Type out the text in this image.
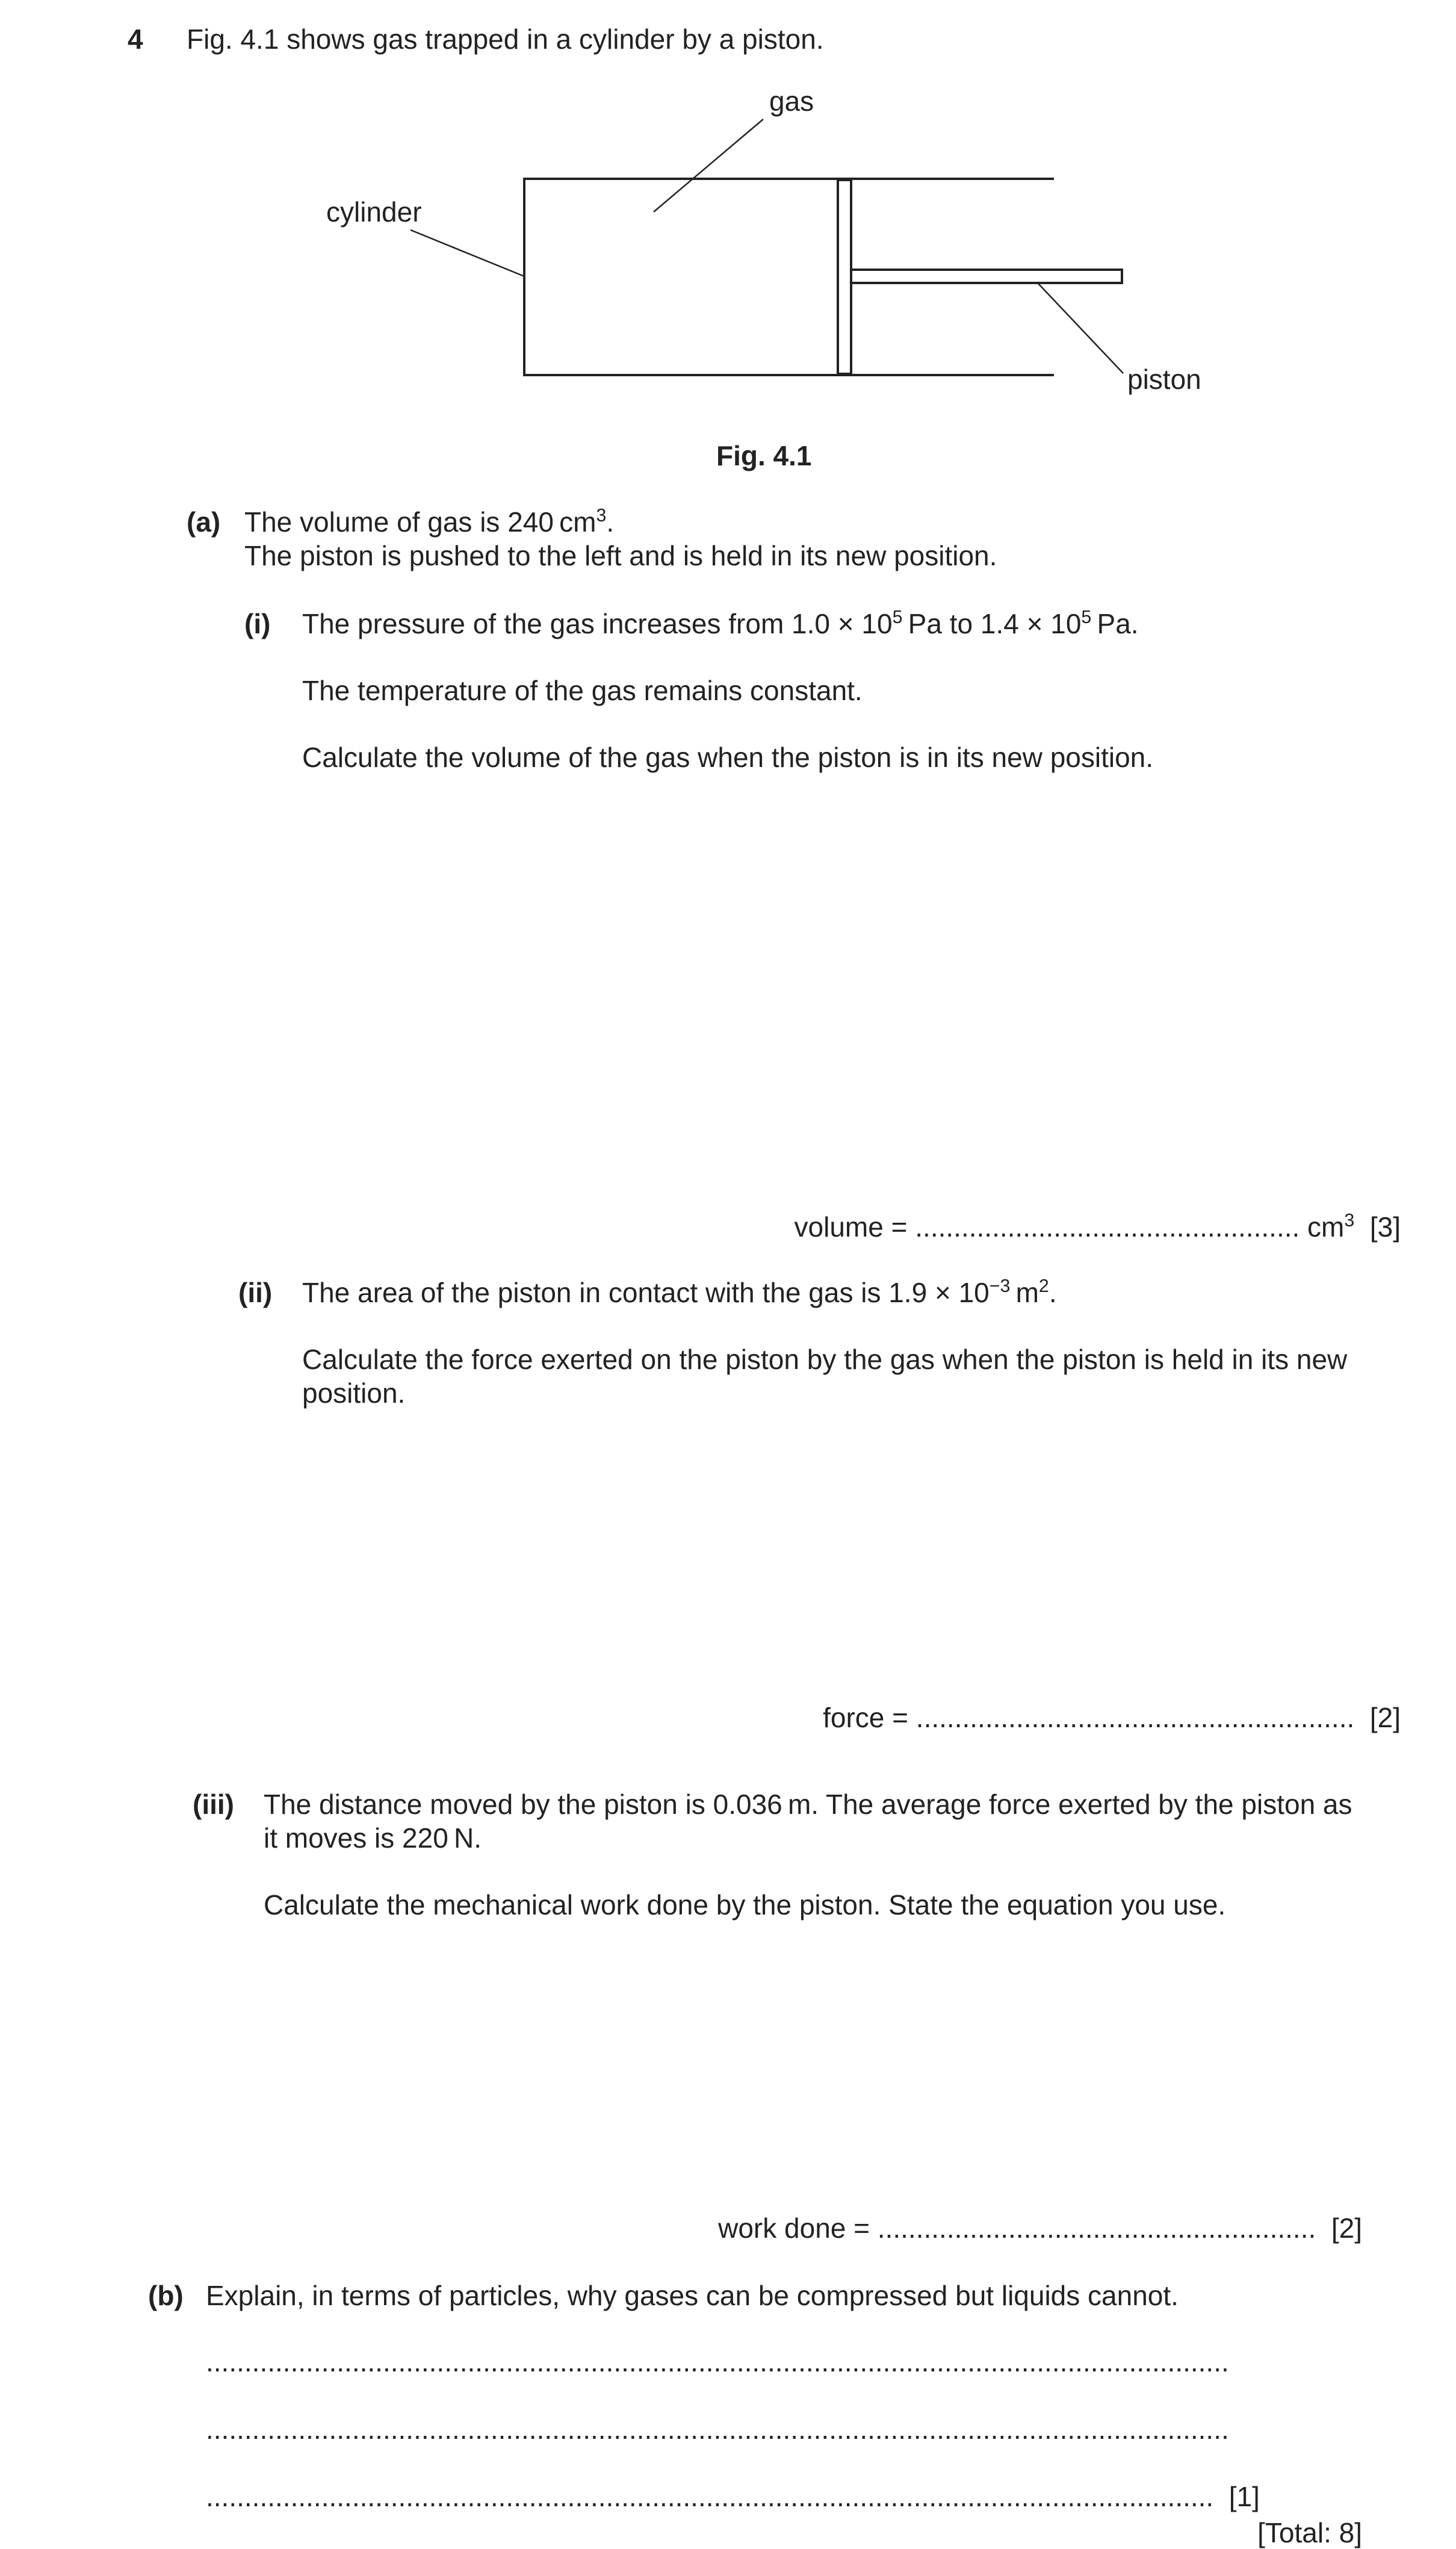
4 Fig. 4.1 shows gas trapped in a cylinder by a piston.
gas
cylinder
piston
Fig. 4.1
(a) The volume of gas is 240 $cm^3$.
The piston is pushed to the left and is held in its new position.
(i) The pressure of the gas increases from $1.0 \times 10^5$ Pa to $1.4 \times 10^5$ Pa.
The temperature of the gas remains constant.
Calculate the volume of the gas when the piston is in its new position.
volume = .................................................. $cm^3$ [3]
(ii) The area of the piston in contact with the gas is $1.9 \times 10^{-3}$ $m^2$.
Calculate the force exerted on the piston by the gas when the piston is held in its new
position.
force = ......................................................... [2]
(iii) The distance moved by the piston is 0.036 m. The average force exerted by the piston as
it moves is 220 N.
Calculate the mechanical work done by the piston. State the equation you use.
work done = ......................................................... [2]
(b) Explain, in terms of particles, why gases can be compressed but liquids cannot.
.....................................................................................................................................
.....................................................................................................................................
................................................................................................................................... [1]
[Total: 8]
